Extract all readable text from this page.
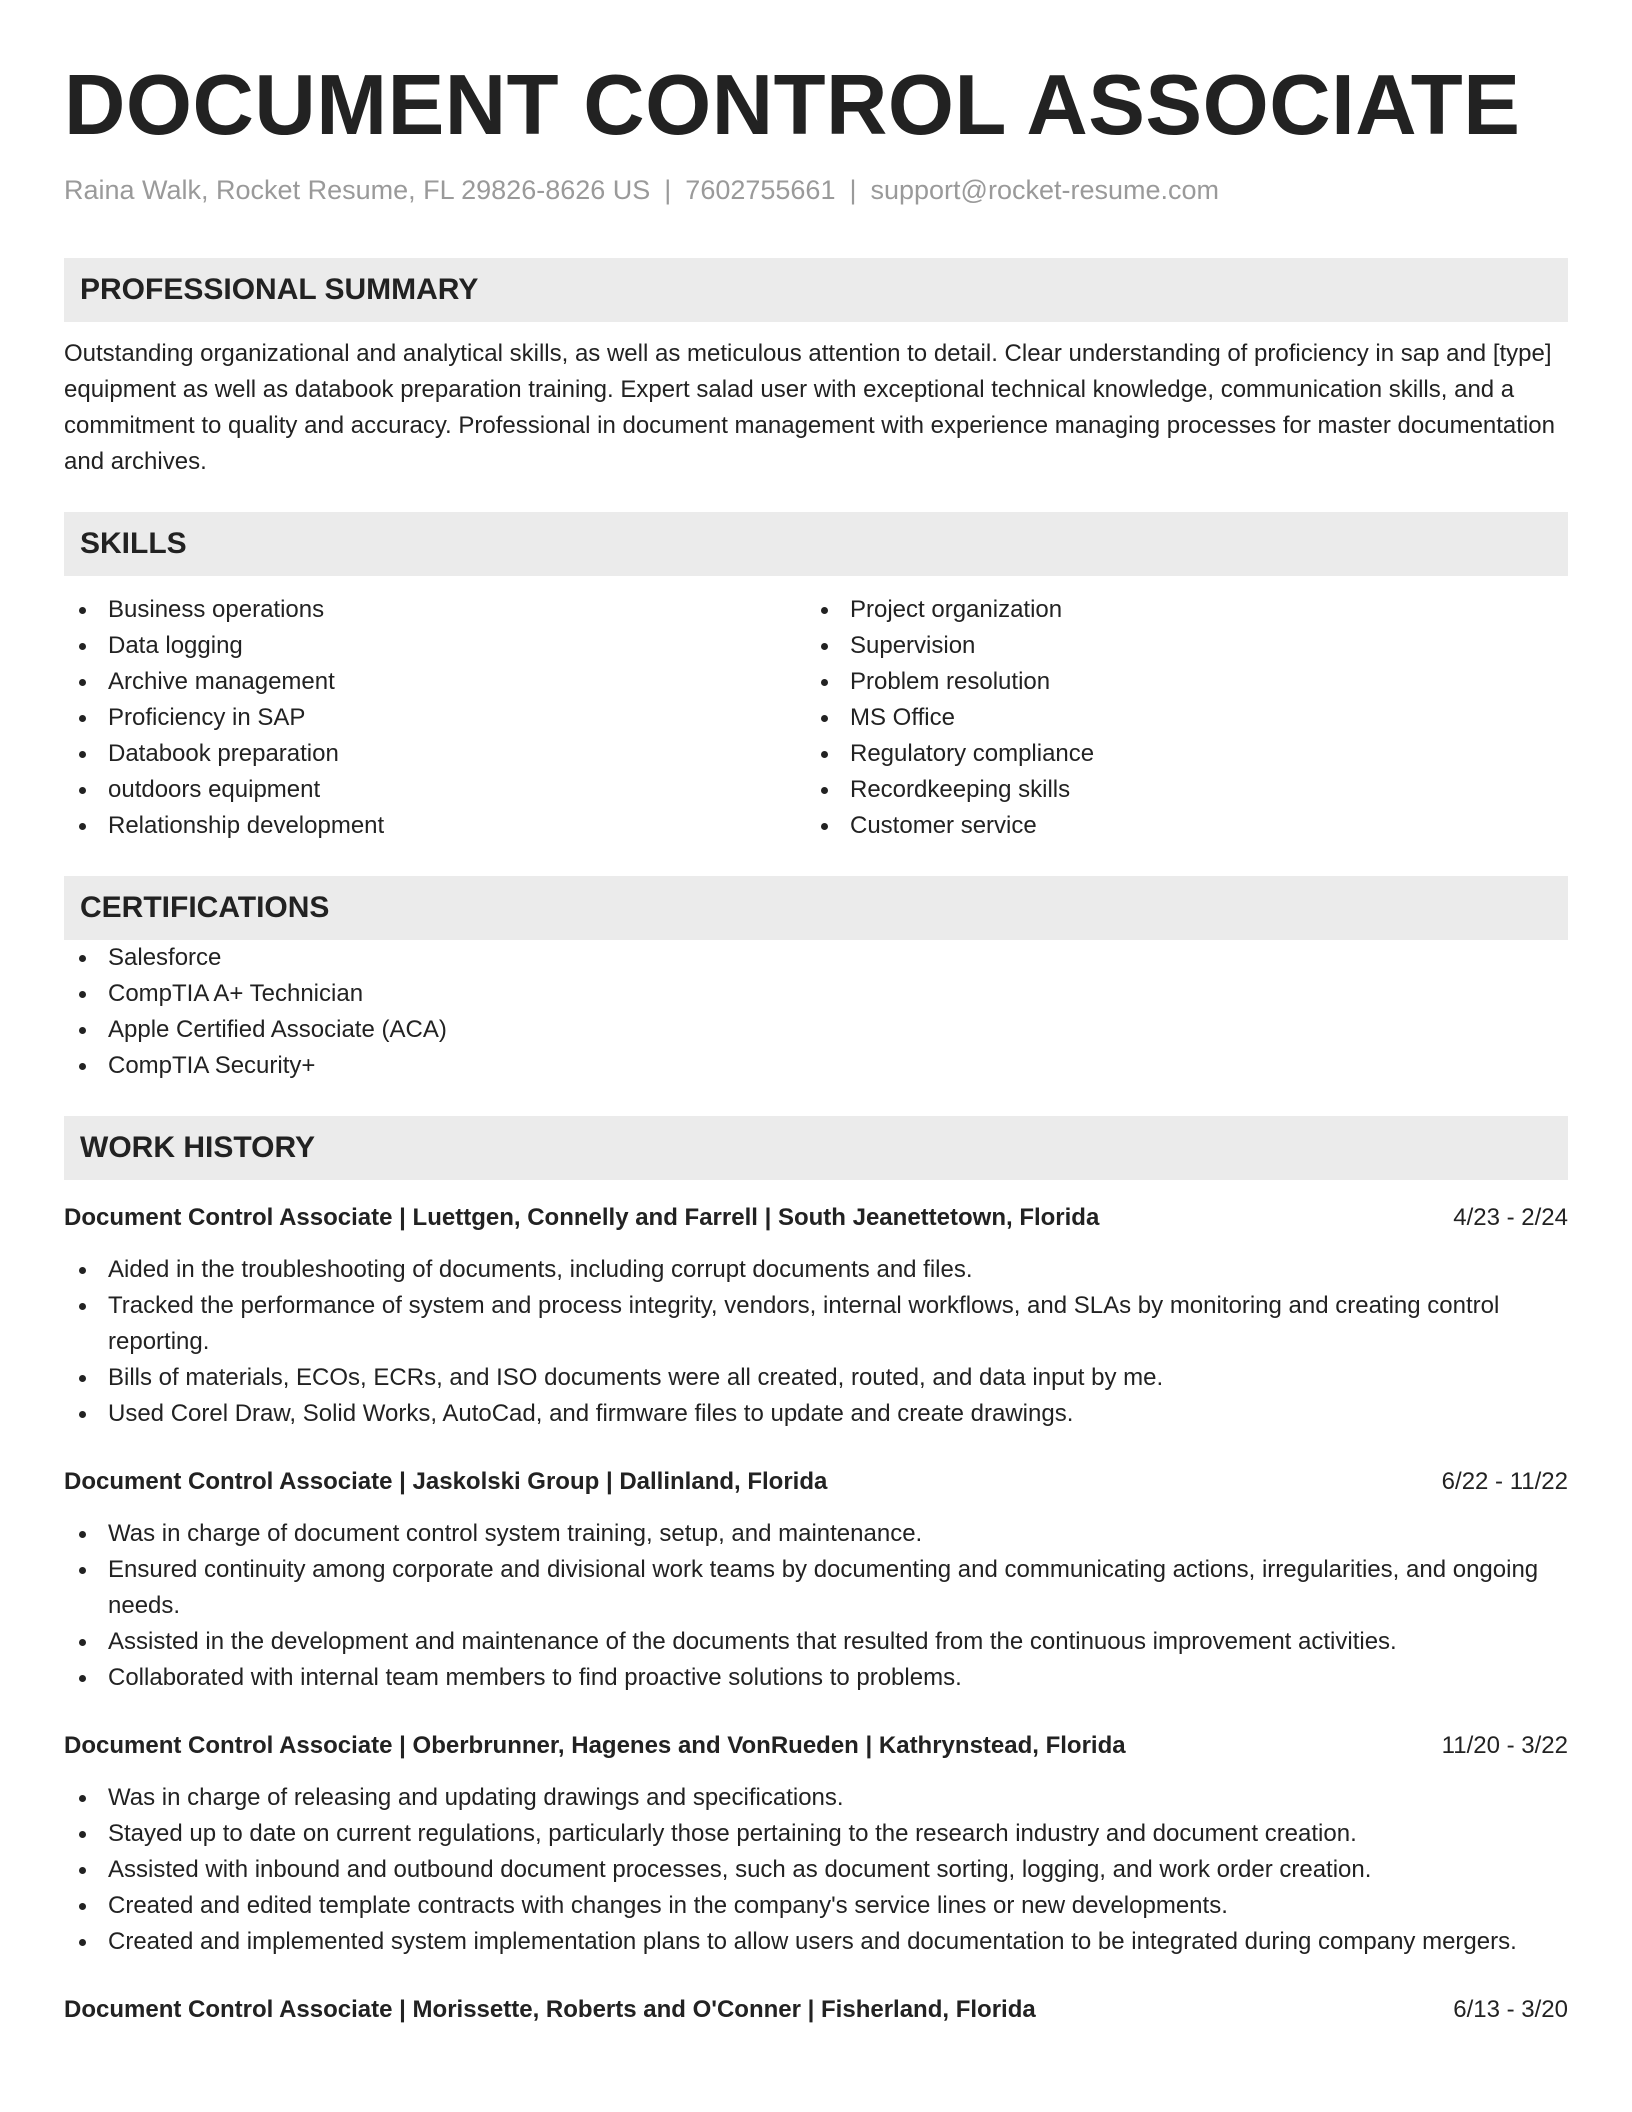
DOCUMENT CONTROL ASSOCIATE
Raina Walk, Rocket Resume, FL 29826-8626 US | 7602755661 | support@rocket-resume.com
PROFESSIONAL SUMMARY

Outstanding organizational and analytical skills, as well as meticulous attention to detail. Clear understanding of proficiency in sap and [type] equipment as well as databook preparation training. Expert salad user with exceptional technical knowledge, communication skills, and a commitment to quality and accuracy. Professional in document management with experience managing processes for master documentation and archives.

SKILLS
Business operations
Data logging
Archive management
Proficiency in SAP
Databook preparation
outdoors equipment
Relationship development
Project organization
Supervision
Problem resolution
MS Office
Regulatory compliance
Recordkeeping skills
Customer service
CERTIFICATIONS
Salesforce
CompTIA A+ Technician
Apple Certified Associate (ACA)
CompTIA Security+
WORK HISTORY
Document Control Associate | Luettgen, Connelly and Farrell | South Jeanettetown, Florida	4/23 - 2/24
Aided in the troubleshooting of documents, including corrupt documents and files.
Tracked the performance of system and process integrity, vendors, internal workflows, and SLAs by monitoring and creating control reporting.
Bills of materials, ECOs, ECRs, and ISO documents were all created, routed, and data input by me.
Used Corel Draw, Solid Works, AutoCad, and firmware files to update and create drawings.
Document Control Associate | Jaskolski Group | Dallinland, Florida	6/22 - 11/22
Was in charge of document control system training, setup, and maintenance.
Ensured continuity among corporate and divisional work teams by documenting and communicating actions, irregularities, and ongoing needs.
Assisted in the development and maintenance of the documents that resulted from the continuous improvement activities.
Collaborated with internal team members to find proactive solutions to problems.
Document Control Associate | Oberbrunner, Hagenes and VonRueden | Kathrynstead, Florida	11/20 - 3/22
Was in charge of releasing and updating drawings and specifications.
Stayed up to date on current regulations, particularly those pertaining to the research industry and document creation.
Assisted with inbound and outbound document processes, such as document sorting, logging, and work order creation.
Created and edited template contracts with changes in the company's service lines or new developments.
Created and implemented system implementation plans to allow users and documentation to be integrated during company mergers.
Document Control Associate | Morissette, Roberts and O'Conner | Fisherland, Florida	6/13 - 3/20
